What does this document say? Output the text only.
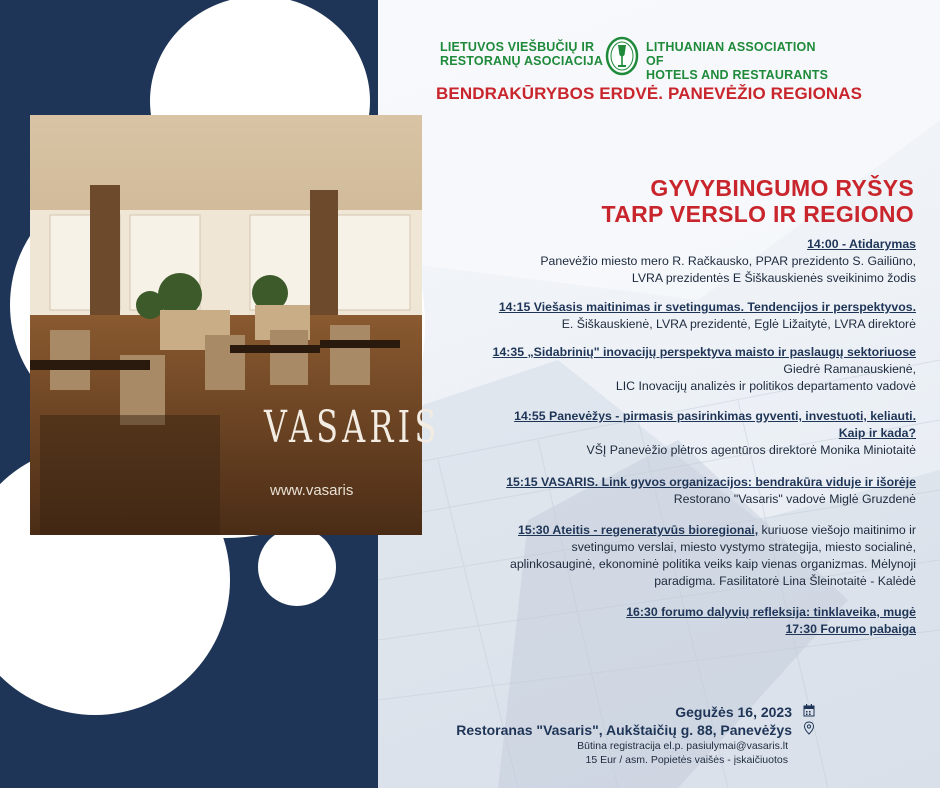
VASARIS
www.vasaris
LIETUVOS VIEŠBUČIŲ IR
RESTORANŲ ASOCIACIJA
LITHUANIAN ASSOCIATION OF
HOTELS AND RESTAURANTS
BENDRAKŪRYBOS ERDVĖ. PANEVĖŽIO REGIONAS
GYVYBINGUMO RYŠYS
TARP VERSLO IR REGIONO
14:00 - Atidarymas
Panevėžio miesto mero R. Račkausko, PPAR prezidento S. Gailiūno,
LVRA prezidentės E Šiškauskienės sveikinimo žodis
14:15 Viešasis maitinimas ir svetingumas. Tendencijos ir perspektyvos.
E. Šiškauskienė, LVRA prezidentė, Eglė Ližaitytė, LVRA direktorė
14:35 „Sidabrinių" inovacijų perspektyva maisto ir paslaugų sektoriuose
Giedrė Ramanauskienė,
LIC Inovacijų analizės ir politikos departamento vadovė
14:55 Panevėžys - pirmasis pasirinkimas gyventi, investuoti, keliauti.
Kaip ir kada?
VŠĮ Panevėžio plėtros agentūros direktorė Monika Miniotaitė
15:15 VASARIS. Link gyvos organizacijos: bendrakūra viduje ir išorėje
Restorano "Vasaris" vadovė Miglė Gruzdenė
15:30 Ateitis - regeneratyvūs bioregionai, kuriuose viešojo maitinimo ir
svetingumo verslai, miesto vystymo strategija, miesto socialinė,
aplinkosauginė, ekonominė politika veiks kaip vienas organizmas. Mėlynoji
paradigma. Fasilitatorė Lina Šleinotaitė - Kalėdė
16:30 forumo dalyvių refleksija: tinklaveika, mugė
17:30 Forumo pabaiga
Gegužės 16, 2023
Restoranas "Vasaris", Aukštaičių g. 88, Panevėžys
Būtina registracija el.p. pasiulymai@vasaris.lt
15 Eur / asm. Popietės vaišės - įskaičiuotos
